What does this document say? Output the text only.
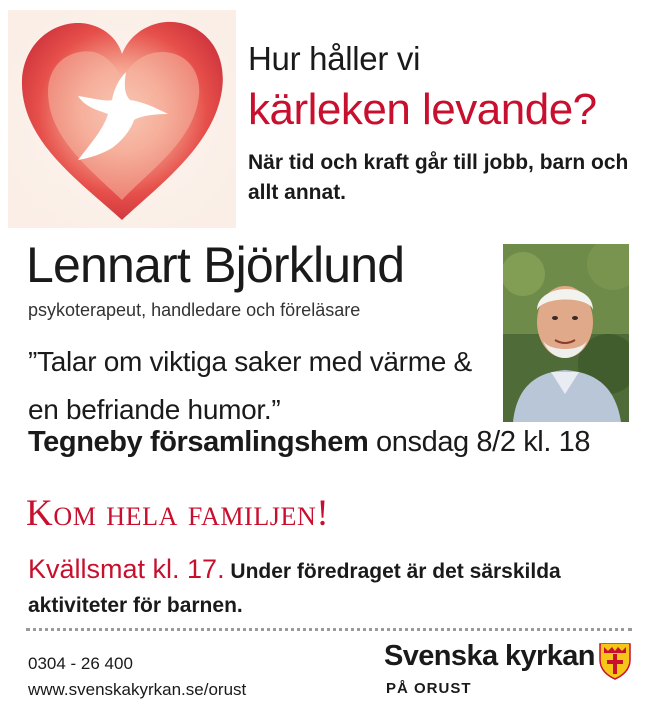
Hur håller vi
kärleken levande?
När tid och kraft går till jobb, barn och allt annat.
Lennart Björklund
psykoterapeut, handledare och föreläsare
”Talar om viktiga saker med värme & en befriande humor.”
Tegneby församlingshem onsdag 8/2 kl. 18
Kom hela familjen!
Kvällsmat kl. 17. Under föredraget är det särskilda aktiviteter för barnen.
0304 - 26 400
www.svenskakyrkan.se/orust
Svenska kyrkan
PÅ ORUST
